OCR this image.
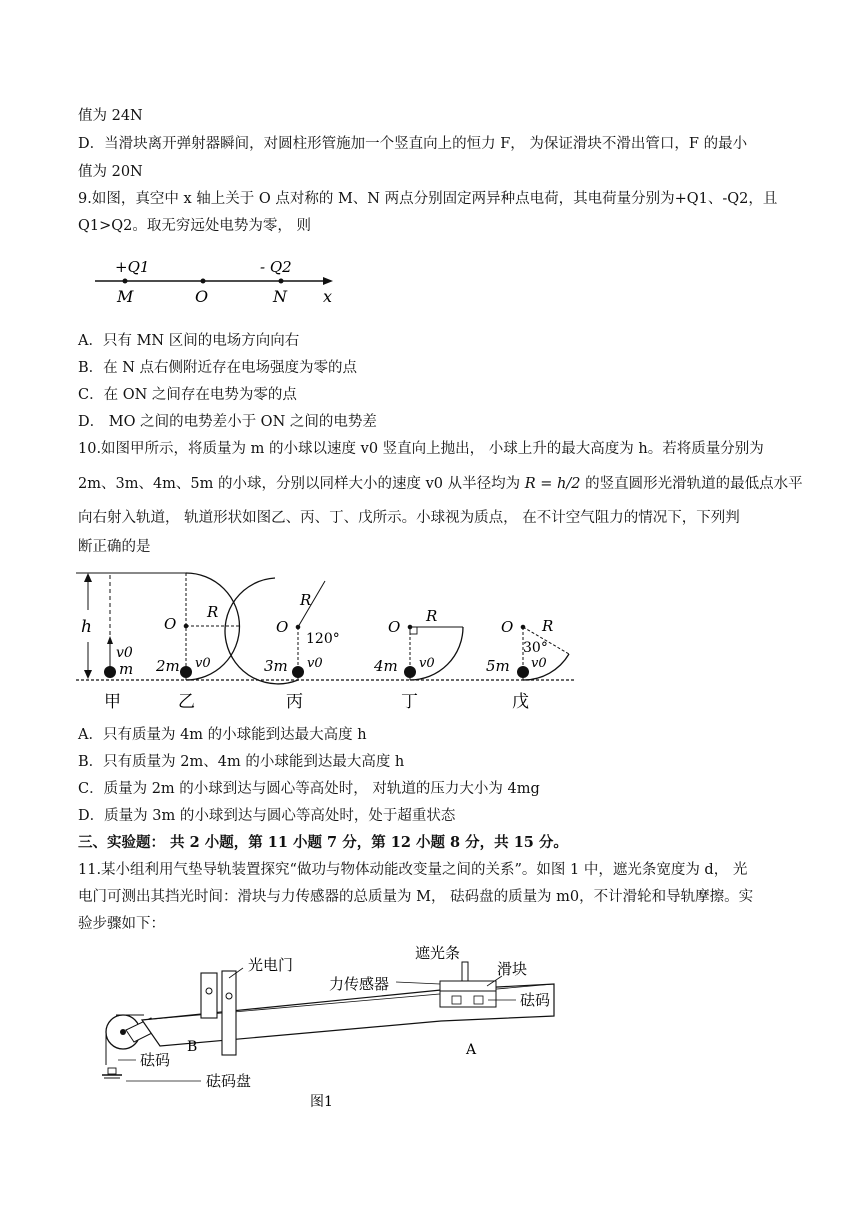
值为 24N
D．当滑块离开弹射器瞬间，对圆柱形管施加一个竖直向上的恒力 F， 为保证滑块不滑出管口，F 的最小
值为 20N
9.如图，真空中 x 轴上关于 O 点对称的 M、N 两点分别固定两异种点电荷，其电荷量分别为+Q1、-Q2，且
Q1>Q2。取无穷远处电势为零， 则
+Q1	- Q2
M	O	N x
A．只有 MN 区间的电场方向向右
B．在 N 点右侧附近存在电场强度为零的点
C．在 ON 之间存在电势为零的点
D． MO 之间的电势差小于 ON 之间的电势差
10.如图甲所示，将质量为 m 的小球以速度 v0 竖直向上抛出， 小球上升的最大高度为 h。若将质量分别为
2m、3m、4m、5m 的小球，分别以同样大小的速度 v0 从半径均为 R = h/2 的竖直圆形光滑轨道的最低点水平
向右射入轨道， 轨道形状如图乙、丙、丁、戊所示。小球视为质点， 在不计空气阻力的情况下，下列判
断正确的是
h
v0
m
O
R
2m v0
O
R
120°
3m v0
O
R
4m v0
O R
30°
5m v0
甲	乙	丙	丁	戊
A．只有质量为 4m 的小球能到达最大高度 h
B．只有质量为 2m、4m 的小球能到达最大高度 h
C．质量为 2m 的小球到达与圆心等高处时， 对轨道的压力大小为 4mg
D．质量为 3m 的小球到达与圆心等高处时，处于超重状态
三、实验题： 共 2 小题，第 11 小题 7 分，第 12 小题 8 分，共 15 分。
11.某小组利用气垫导轨装置探究“做功与物体动能改变量之间的关系”。如图 1 中，遮光条宽度为 d， 光
电门可测出其挡光时间：滑块与力传感器的总质量为 M， 砝码盘的质量为 m0，不计滑轮和导轨摩擦。实
验步骤如下：
光电门
遮光条
滑块
力传感器
砝码
砝码
砝码盘
B	A
图1
